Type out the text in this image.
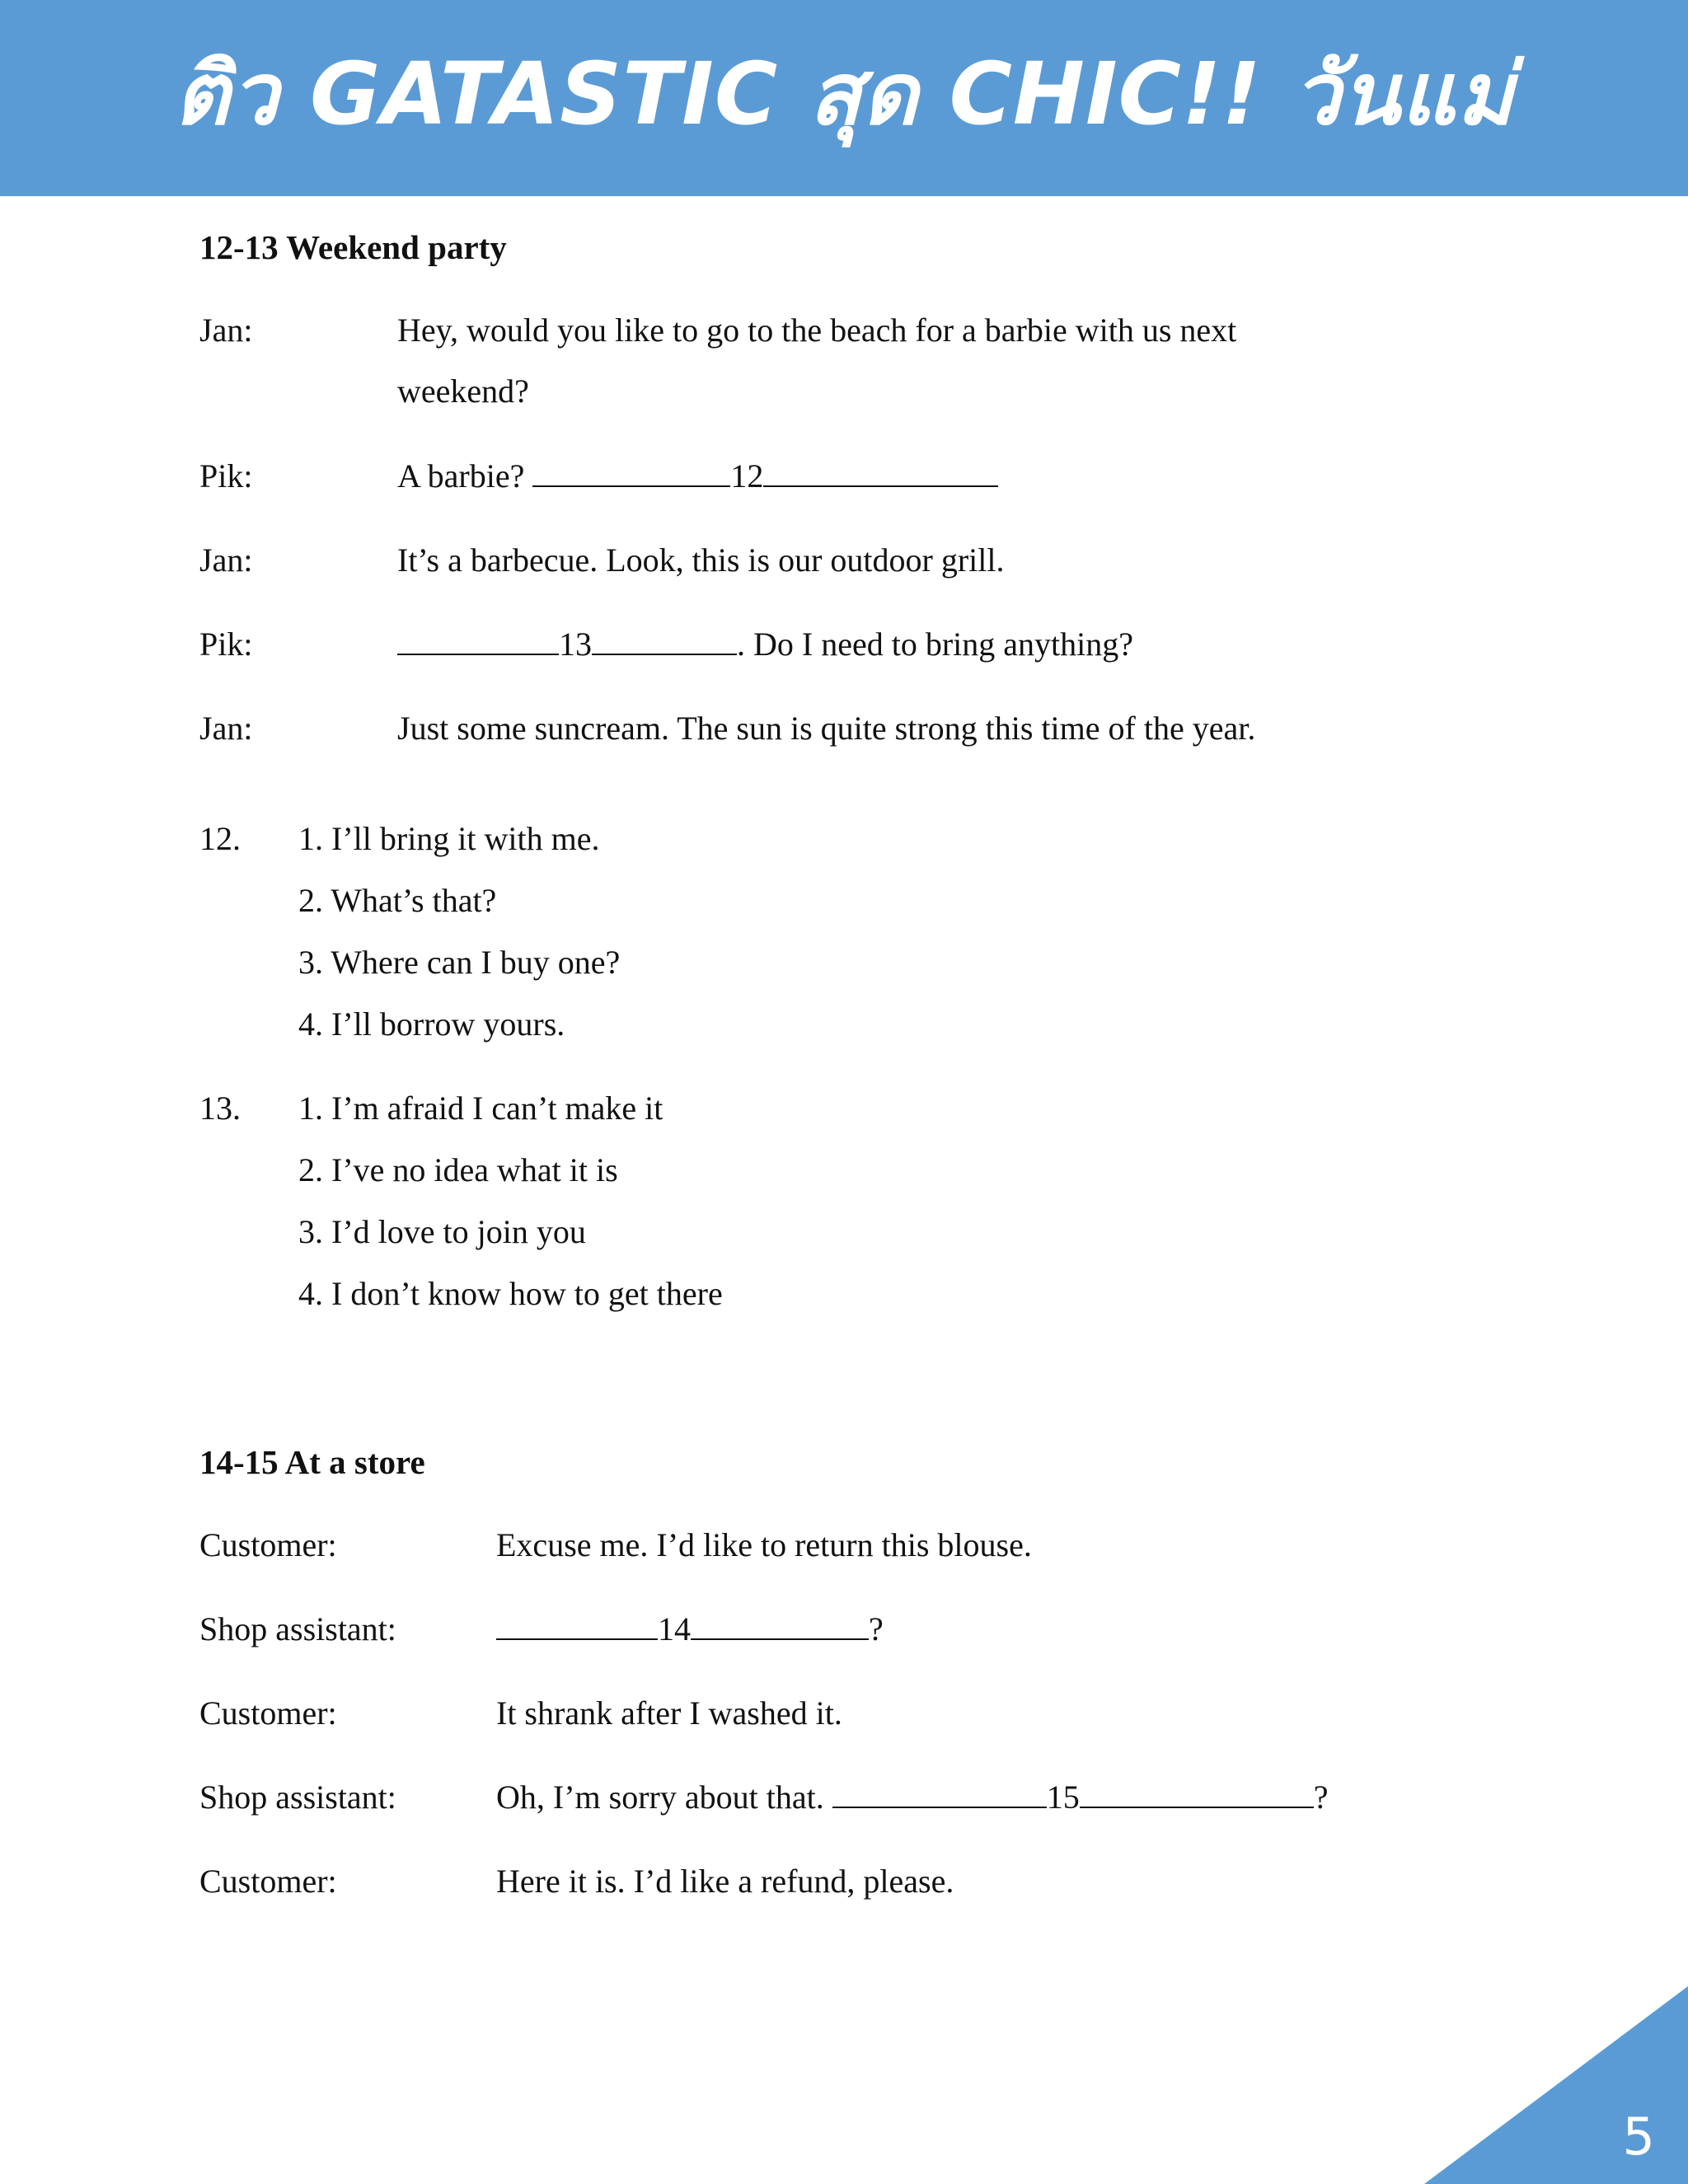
ติว GATASTIC สุด CHIC!! วันแม่
12-13 Weekend party
Jan:	Hey, would you like to go to the beach for a barbie with us next
weekend?
Pik:	A barbie?	12
Jan:	It’s a barbecue. Look, this is our outdoor grill.
Pik:	13	. Do I need to bring anything?
Jan:	Just some suncream. The sun is quite strong this time of the year.
12. 1. I’ll bring it with me.
2. What’s that?
3. Where can I buy one?
4. I’ll borrow yours.
13. 1. I’m afraid I can’t make it
2. I’ve no idea what it is
3. I’d love to join you
4. I don’t know how to get there
14-15 At a store
Customer:	Excuse me. I’d like to return this blouse.
Shop assistant:	14	?
Customer:	It shrank after I washed it.
Shop assistant:	Oh, I’m sorry about that.	15	?
Customer:	Here it is. I’d like a refund, please.
5
